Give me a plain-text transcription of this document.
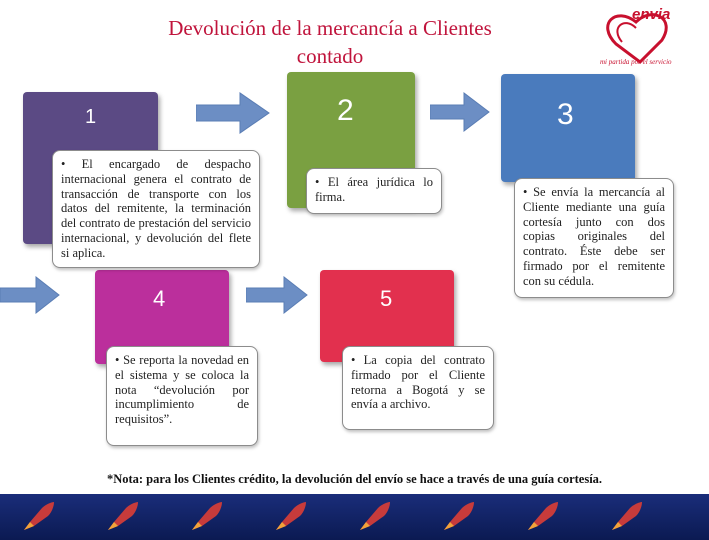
Devolución de la mercancía a Clientes
contado
envia
mi partida por el servicio
1	2	3
4	5

• El encargado de despacho internacional genera el contrato de transacción de transporte con los datos del remitente, la terminación del contrato de prestación del servicio internacional, y devolución del flete si aplica.

• El área jurídica lo firma.	• Se envía la mercancía al Cliente mediante una guía cortesía junto con dos copias originales del contrato. Éste debe ser firmado por el remitente con su cédula.

• Se reporta la novedad en el sistema y se coloca la nota “devolución por incumplimiento de requisitos”.

• La copia del contrato firmado por el Cliente retorna a Bogotá y se envía a archivo.

*Nota: para los Clientes crédito, la devolución del envío se hace a través de una guía cortesía.
